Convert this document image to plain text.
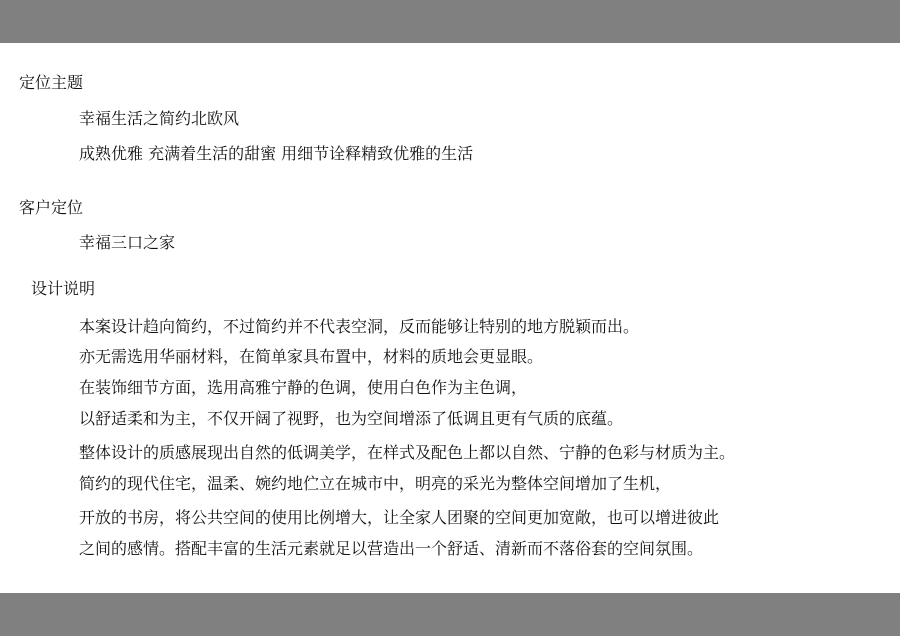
定位主题
幸福生活之简约北欧风
成熟优雅 充满着生活的甜蜜 用细节诠释精致优雅的生活
客户定位
幸福三口之家
设计说明
本案设计趋向简约，不过简约并不代表空洞，反而能够让特别的地方脱颖而出。
亦无需选用华丽材料，在简单家具布置中，材料的质地会更显眼。
在装饰细节方面，选用高雅宁静的色调，使用白色作为主色调，
以舒适柔和为主，不仅开阔了视野，也为空间增添了低调且更有气质的底蕴。
整体设计的质感展现出自然的低调美学，在样式及配色上都以自然、宁静的色彩与材质为主。
简约的现代住宅，温柔、婉约地伫立在城市中，明亮的采光为整体空间增加了生机，
开放的书房，将公共空间的使用比例增大，让全家人团聚的空间更加宽敞，也可以增进彼此
之间的感情。搭配丰富的生活元素就足以营造出一个舒适、清新而不落俗套的空间氛围。
